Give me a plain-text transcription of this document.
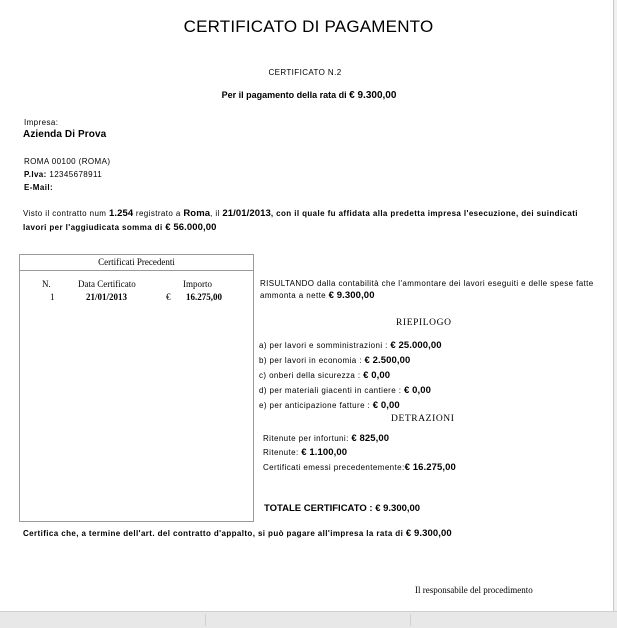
CERTIFICATO DI PAGAMENTO
CERTIFICATO N.2
Per il pagamento della rata di € 9.300,00
Impresa:
Azienda Di Prova
ROMA 00100 (ROMA)
P.Iva: 12345678911
E-Mail:
Visto il contratto num 1.254 registrato a Roma, il 21/01/2013, con il quale fu affidata alla predetta impresa l'esecuzione, dei suindicati lavori per l'aggiudicata somma di € 56.000,00
Certificati Precedenti
N.	Data Certificato	Importo
1	21/01/2013	€ 16.275,00
RISULTANDO dalla contabilità che l'ammontare dei lavori eseguiti e delle spese fatte ammonta a nette € 9.300,00
RIEPILOGO
a) per lavori e somministrazioni : € 25.000,00
b) per lavori in economia : € 2.500,00
c) onberi della sicurezza : € 0,00
d) per materiali giacenti in cantiere : € 0,00
e) per anticipazione fatture : € 0,00
DETRAZIONI
Ritenute per infortuni: € 825,00
Ritenute: € 1.100,00
Certificati emessi precedentemente:€ 16.275,00
TOTALE CERTIFICATO : € 9.300,00
Certifica che, a termine dell'art. del contratto d'appalto, si può pagare all'impresa la rata di € 9.300,00
Il responsabile del procedimento
